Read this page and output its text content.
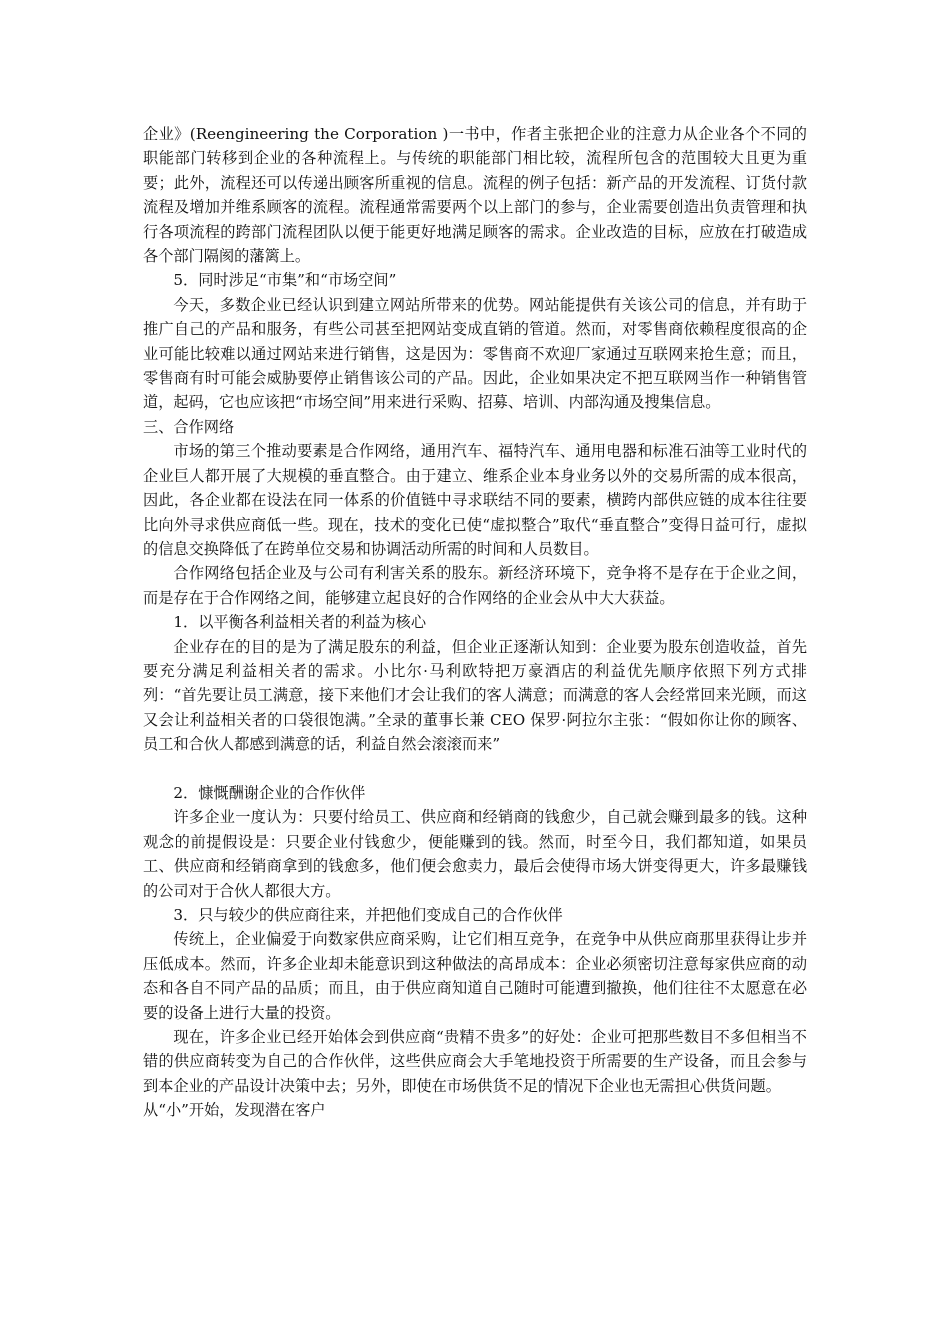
企业》(Reengineering the Corporation )一书中，作者主张把企业的注意力从企业各个不同的职能部门转移到企业的各种流程上。与传统的职能部门相比较，流程所包含的范围较大且更为重要；此外，流程还可以传递出顾客所重视的信息。流程的例子包括：新产品的开发流程、订货付款流程及增加并维系顾客的流程。流程通常需要两个以上部门的参与，企业需要创造出负责管理和执行各项流程的跨部门流程团队以便于能更好地满足顾客的需求。企业改造的目标，应放在打破造成各个部门隔阂的藩篱上。

5．同时涉足“市集”和“市场空间”

今天，多数企业已经认识到建立网站所带来的优势。网站能提供有关该公司的信息，并有助于推广自己的产品和服务，有些公司甚至把网站变成直销的管道。然而，对零售商依赖程度很高的企业可能比较难以通过网站来进行销售，这是因为：零售商不欢迎厂家通过互联网来抢生意；而且，零售商有时可能会威胁要停止销售该公司的产品。因此，企业如果决定不把互联网当作一种销售管道，起码，它也应该把“市场空间”用来进行采购、招募、培训、内部沟通及搜集信息。

三、合作网络

市场的第三个推动要素是合作网络，通用汽车、福特汽车、通用电器和标准石油等工业时代的企业巨人都开展了大规模的垂直整合。由于建立、维系企业本身业务以外的交易所需的成本很高，因此，各企业都在设法在同一体系的价值链中寻求联结不同的要素，横跨内部供应链的成本往往要比向外寻求供应商低一些。现在，技术的变化已使“虚拟整合”取代“垂直整合”变得日益可行，虚拟的信息交换降低了在跨单位交易和协调活动所需的时间和人员数目。

合作网络包括企业及与公司有利害关系的股东。新经济环境下，竞争将不是存在于企业之间，而是存在于合作网络之间，能够建立起良好的合作网络的企业会从中大大获益。

1．以平衡各利益相关者的利益为核心

企业存在的目的是为了满足股东的利益，但企业正逐渐认知到：企业要为股东创造收益，首先要充分满足利益相关者的需求。小比尔·马利欧特把万豪酒店的利益优先顺序依照下列方式排列：“首先要让员工满意，接下来他们才会让我们的客人满意；而满意的客人会经常回来光顾，而这又会让利益相关者的口袋很饱满。”全录的董事长兼 CEO 保罗·阿拉尔主张：“假如你让你的顾客、员工和合伙人都感到满意的话，利益自然会滚滚而来”

2．慷慨酬谢企业的合作伙伴

许多企业一度认为：只要付给员工、供应商和经销商的钱愈少，自己就会赚到最多的钱。这种观念的前提假设是：只要企业付钱愈少，便能赚到的钱。然而，时至今日，我们都知道，如果员工、供应商和经销商拿到的钱愈多，他们便会愈卖力，最后会使得市场大饼变得更大，许多最赚钱的公司对于合伙人都很大方。

3．只与较少的供应商往来，并把他们变成自己的合作伙伴

传统上，企业偏爱于向数家供应商采购，让它们相互竞争，在竞争中从供应商那里获得让步并压低成本。然而，许多企业却未能意识到这种做法的高昂成本：企业必须密切注意每家供应商的动态和各自不同产品的品质；而且，由于供应商知道自己随时可能遭到撤换，他们往往不太愿意在必要的设备上进行大量的投资。

现在，许多企业已经开始体会到供应商“贵精不贵多”的好处：企业可把那些数目不多但相当不错的供应商转变为自己的合作伙伴，这些供应商会大手笔地投资于所需要的生产设备，而且会参与到本企业的产品设计决策中去；另外，即使在市场供货不足的情况下企业也无需担心供货问题。

从“小”开始，发现潜在客户
